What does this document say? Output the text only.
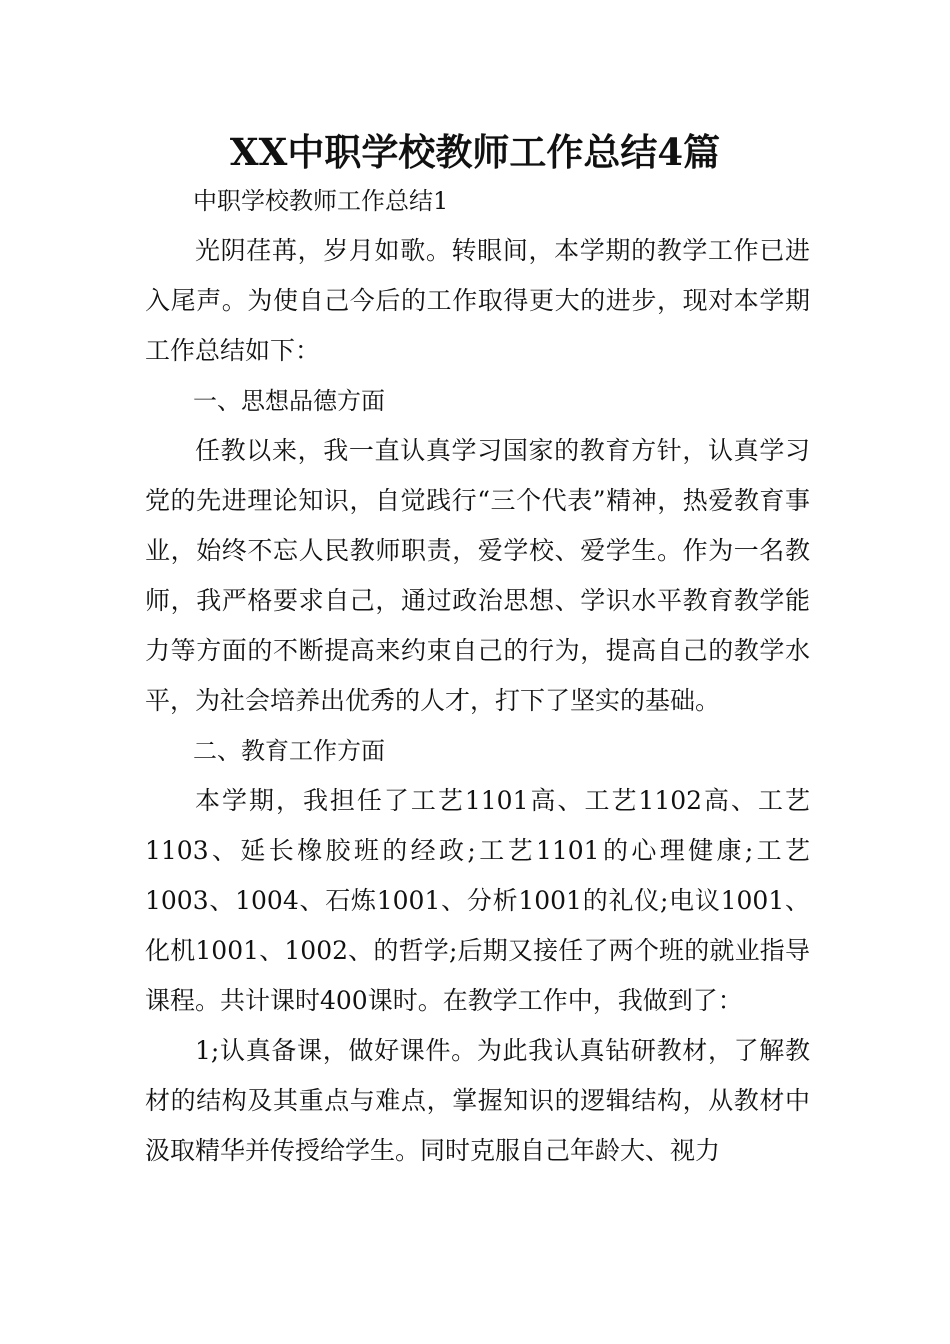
XX中职学校教师工作总结4篇

中职学校教师工作总结1

光阴荏苒，岁月如歌。转眼间，本学期的教学工作已进入尾声。为使自己今后的工作取得更大的进步，现对本学期工作总结如下：

一、思想品德方面

任教以来，我一直认真学习国家的教育方针，认真学习党的先进理论知识，自觉践行“三个代表”精神，热爱教育事业，始终不忘人民教师职责，爱学校、爱学生。作为一名教师，我严格要求自己，通过政治思想、学识水平教育教学能力等方面的不断提高来约束自己的行为，提高自己的教学水平，为社会培养出优秀的人才，打下了坚实的基础。

二、教育工作方面

本学期，我担任了工艺1101高、工艺1102高、工艺1103、延长橡胶班的经政;工艺1101的心理健康;工艺1003、1004、石炼1001、分析1001的礼仪;电议1001、化机1001、1002、的哲学;后期又接任了两个班的就业指导课程。共计课时400课时。在教学工作中，我做到了：

1;认真备课，做好课件。为此我认真钻研教材，了解教材的结构及其重点与难点，掌握知识的逻辑结构，从教材中汲取精华并传授给学生。同时克服自己年龄大、视力
